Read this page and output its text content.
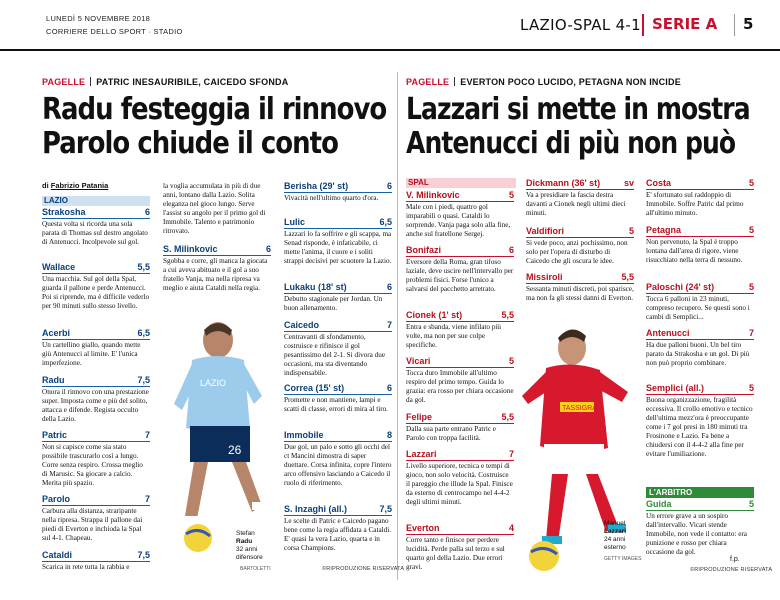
LUNEDÌ 5 NOVEMBRE 2018
CORRIERE DELLO SPORT · STADIO	LAZIO-SPAL 4-1 SERIE A 5
PAGELLE PATRIC INESAURIBILE, CAICEDO SFONDA
Radu festeggia il rinnovo
Parolo chiude il conto
di Fabrizio Patania
PAGELLE EVERTON POCO LUCIDO, PETAGNA NON INCIDE
Lazzari si mette in mostra
Antenucci di più non può
LAZIO
SPAL
Strakosha	6
Questa volta si ricorda una sola parata di Thomas sul destro angolato di Antenucci. Incolpevole sul gol.
Wallace	5,5
Una macchia. Sul gol della Spal, guarda il pallone e perde Antenucci. Poi si riprende, ma è difficile vederlo per 90 minuti sullo stesso livello.
Acerbi	6,5
Un cartellino giallo, quando mette giù Antenucci al limite. E' l'unica imperfezione.
Radu	7,5
Onora il rinnovo con una prestazione super. Imposta come e più del solito, attacca e difende. Regista occulto della Lazio.
Patric	7
Non si capisce come sia stato possibile trascurarlo così a lungo. Corre senza respiro. Crossa meglio di Marusic. Sa giocare a calcio. Merita più spazio.
Parolo	7
Carbura alla distanza, straripante nella ripresa. Strappa il pallone dai piedi di Everton e inchioda la Spal sul 4-1. Chapeau.
Cataldi	7,5
Scarica in rete tutta la rabbia e
la voglia accumulata in più di due anni, lontano dalla Lazio. Solita eleganza nel gioco lungo. Serve l'assist su angolo per il primo gol di Immobile. Talento e patrimonio ritrovato.
S. Milinkovic	6
Sgobba e corre, gli manca la giocata a cui aveva abituato e il gol a suo fratello Vanja, ma nella ripresa va meglio e aiuta Cataldi nella regia.
LAZIO
26
Stefan
Radu
32 anni
difensore
BARTOLETTI
Berisha (29' st)	6
Vivacità nell'ultimo quarto d'ora.
Lulic	6,5
Lazzari lo fa soffrire e gli scappa, ma Senad risponde, è infaticabile, ci mette l'anima, il cuore e i soliti strappi decisivi per scuotere la Lazio.
Lukaku (18' st)	6
Debutto stagionale per Jordan. Un buon allenamento.
Caicedo	7
Centravanti di sfondamento, costruisce e rifinisce il gol pesantissimo del 2-1. Si divora due occasioni, ma sta diventando indispensabile.
Correa (15' st)	6
Promette e non mantiene, lampi e scatti di classe, errori di mira al tiro.
Immobile	8
Due gol, un palo e sotto gli occhi del ct Mancini dimostra di saper duettare. Corsa infinita, copre l'intero arco offensivo lasciando a Caicedo il ruolo di riferimento.
S. Inzaghi (all.)	7,5
Le scelte di Patric e Caicedo pagano bene come la regia affidata a Cataldi. E' quasi la vera Lazio, quarta e in corsa Champions.
©RIPRODUZIONE RISERVATA
V. Milinkovic	5
Male con i piedi, quattro gol imparabili o quasi. Cataldi lo sorprende. Vanja paga solo alla fine, anche sul fratellone Sergej.
Bonifazi	6
Eversore della Roma, gran tifoso laziale, deve uscire nell'intervallo per problemi fisici. Forse l'unico a salvarsi del pacchetto arretrato.
Cionek (1' st)	5,5
Entra e sbanda, viene infilato più volte, ma non per sue colpe specifiche.
Vicari	5
Tocca duro Immobile all'ultimo respiro del primo tempo. Guida lo grazia: era rosso per chiara occasione da gol.
Felipe	5,5
Dalla sua parte entrano Patric e Parolo con troppa facilità.
Lazzari	7
Livello superiore, tecnica e tempi di gioco, non solo velocità. Costruisce il pareggio che illude la Spal. Finisce da esterno di centrocampo nel 4-4-2 degli ultimi minuti.
Everton	4
Corre tanto e finisce per perdere lucidità. Perde palla sul terzo e sul quarto gol della Lazio. Due errori gravi.
Dickmann (36' st)	sv
Va a presidiare la fascia destra davanti a Cionek negli ultimi dieci minuti.
Valdifiori	5
Si vede poco, anzi pochissimo, non solo per l'opera di disturbo di Caicedo che gli oscura le idee.
Missiroli	5,5
Sessanta minuti discreti, poi sparisce, ma non fa gli stessi danni di Everton.
TASSIGRAM
Manuel
Lazzari
24 anni
esterno
GETTY IMAGES
Costa	5
E' sfortunato sul raddoppio di Immobile. Soffre Patric dal primo all'ultimo minuto.
Petagna	5
Non pervenuto, la Spal è troppo lontana dall'area di rigore, viene risucchiato nella terra di nessuno.
Paloschi (24' st)	5
Tocca 6 palloni in 23 minuti, compreso recupero. Se questi sono i cambi di Semplici...
Antenucci	7
Ha due palloni buoni. Un bel tiro parato da Strakosha e un gol. Di più non può proprio combinare.
Semplici (all.)	5
Buona organizzazione, fragilità eccessiva. Il crollo emotivo e tecnico dell'ultima mezz'ora è preoccupante come i 7 gol presi in 180 minuti tra Frosinone e Lazio. Fa bene a chiudersi con il 4-4-2 alla fine per evitare l'umiliazione.
L'ARBITRO
Guida	5
Un errore grave a un sospiro dall'intervallo. Vicari stende Immobile, non vede il contatto: era punizione e rosso per chiara occasione da gol.
f.p.
©RIPRODUZIONE RISERVATA
